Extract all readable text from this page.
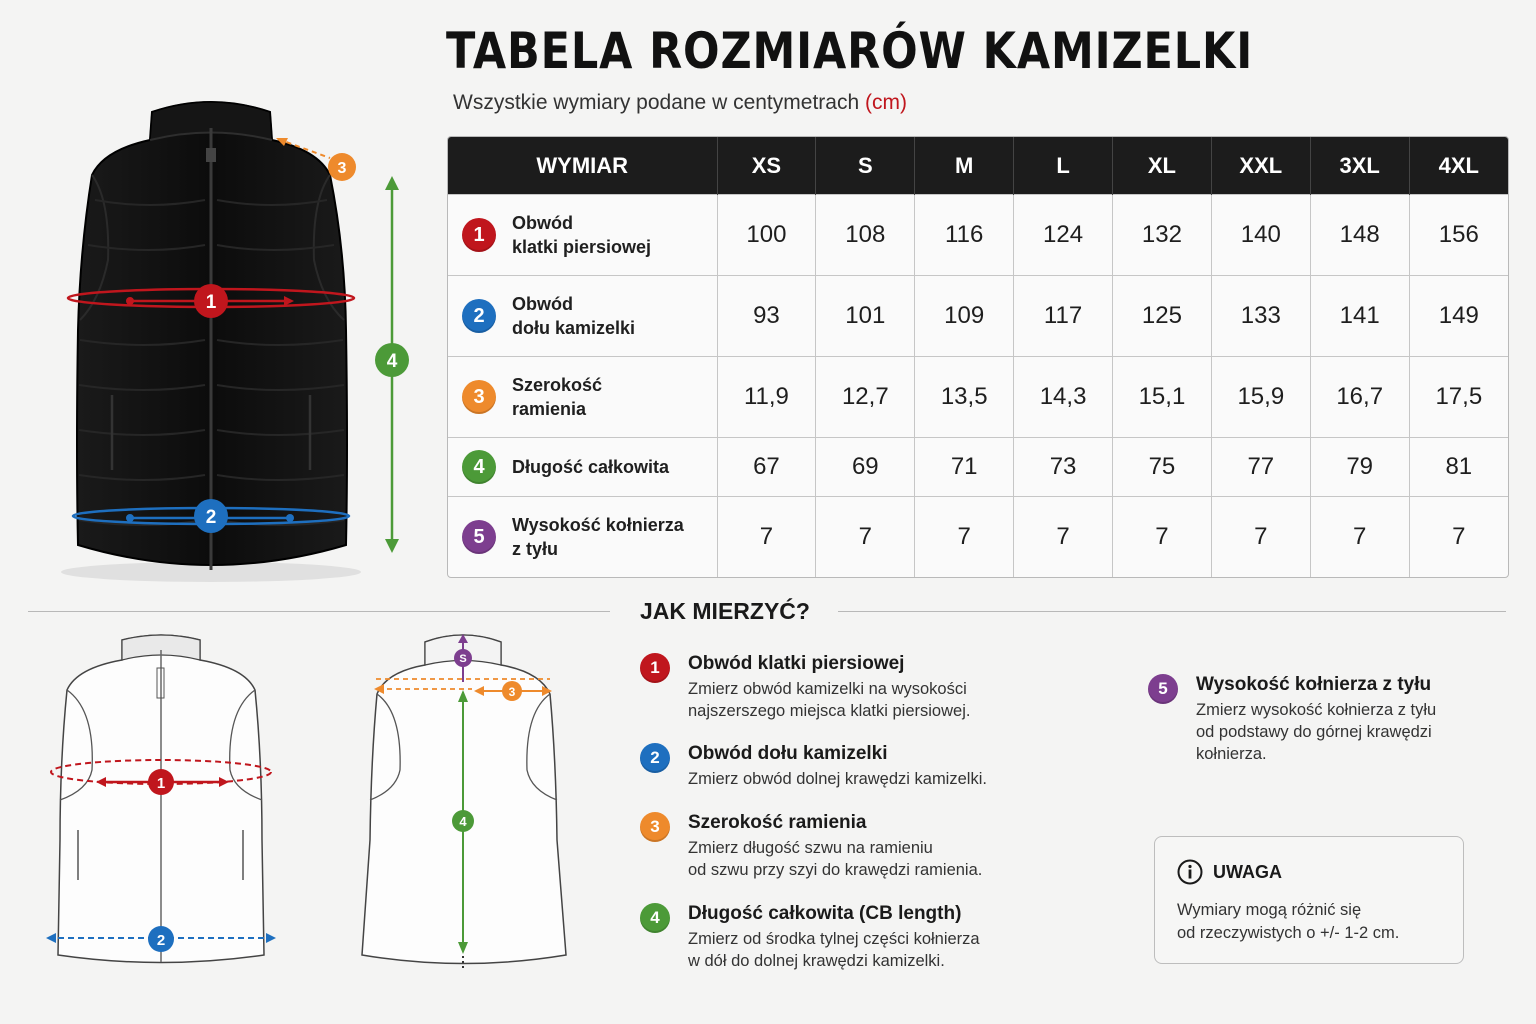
TABELA ROZMIARÓW KAMIZELKI
Wszystkie wymiary podane w centymetrach (cm)
1
2
3
4
WYMIAR	XS	S	M	L	XL	XXL	3XL	4XL

1
Obwód
klatki piersiowej	100	108	116	124	132	140	148	156

2
Obwód
dołu kamizelki	93	101	109	117	125	133	141	149

3
Szerokość
ramienia	11,9	12,7	13,5	14,3	15,1	15,9	16,7	17,5

4 Długość całkowita	67	69	71	73	75	77	79	81

5
Wysokość kołnierza
z tyłu	7	7	7	7	7	7	7	7
JAK MIERZYĆ?
1
2
S
3
4
1	Obwód klatki piersiowej
Zmierz obwód kamizelki na wysokości
najszerszego miejsca klatki piersiowej.
2	Obwód dołu kamizelki
Zmierz obwód dolnej krawędzi kamizelki.
3	Szerokość ramienia
Zmierz długość szwu na ramieniu
od szwu przy szyi do krawędzi ramienia.
4	Długość całkowita (CB length)
Zmierz od środka tylnej części kołnierza
w dół do dolnej krawędzi kamizelki.
5	Wysokość kołnierza z tyłu
Zmierz wysokość kołnierza z tyłu
od podstawy do górnej krawędzi
kołnierza.
UWAGA
Wymiary mogą różnić się
od rzeczywistych o +/- 1-2 cm.
